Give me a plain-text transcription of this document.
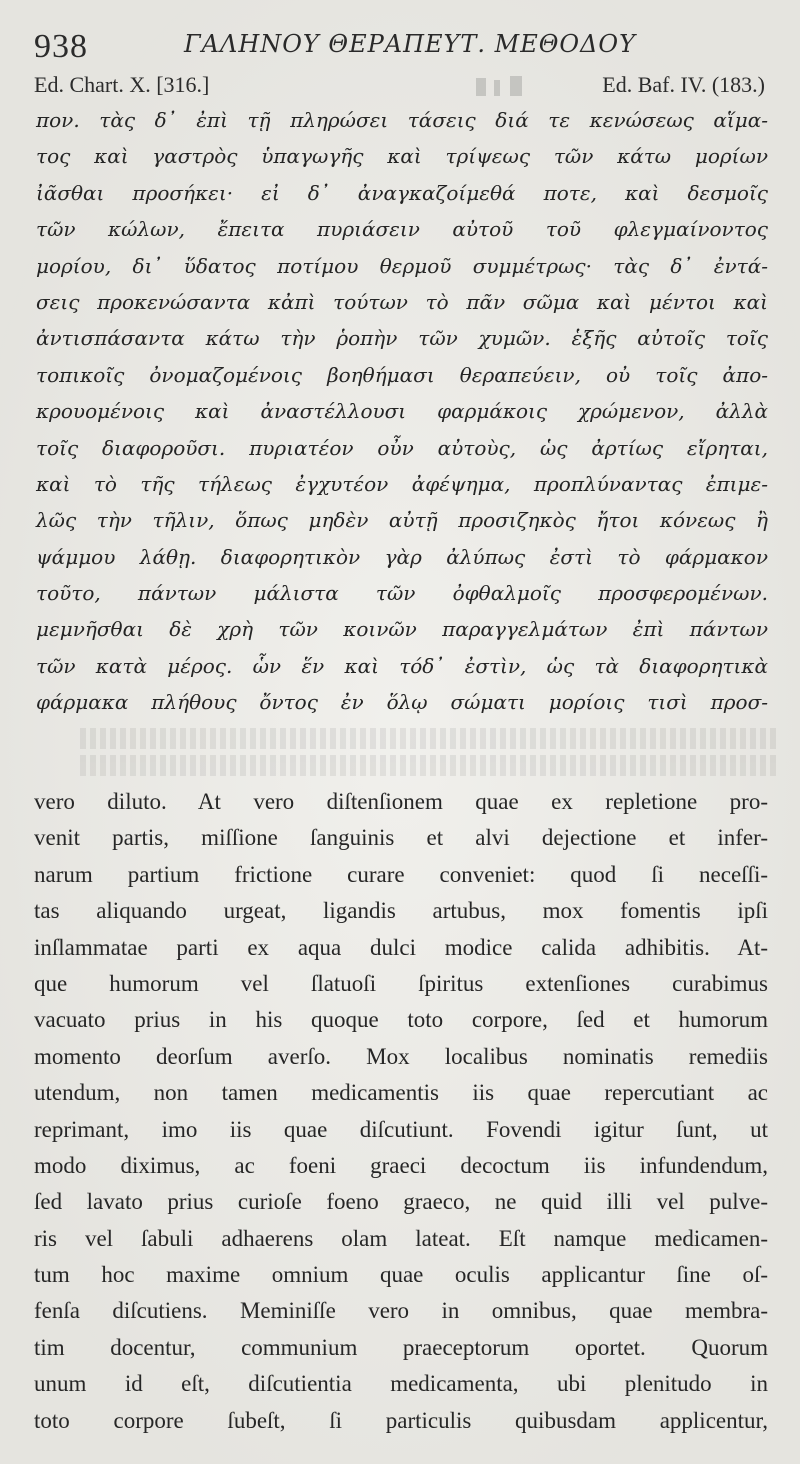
938	ΓΑΛΗΝΟΥ ΘΕΡΑΠΕΥΤ. ΜΕΘΟΔΟΥ
Ed. Chart. X. [316.]	Ed. Baf. IV. (183.)
πον. τὰς δ᾽ ἐπὶ τῇ πληρώσει τάσεις διά τε κενώσεως αἵμα-
τος καὶ γαστρὸς ὑπαγωγῆς καὶ τρίψεως τῶν κάτω μορίων
ἰᾶσθαι προσήκει· εἰ δ᾽ ἀναγκαζοίμεθά ποτε, καὶ δεσμοῖς
τῶν κώλων, ἔπειτα πυριάσειν αὐτοῦ τοῦ φλεγμαίνοντος
μορίου, δι᾽ ὕδατος ποτίμου θερμοῦ συμμέτρως· τὰς δ᾽ ἐντά-
σεις προκενώσαντα κἀπὶ τούτων τὸ πᾶν σῶμα καὶ μέντοι καὶ
ἀντισπάσαντα κάτω τὴν ῥοπὴν τῶν χυμῶν. ἑξῆς αὐτοῖς τοῖς
τοπικοῖς ὀνομαζομένοις βοηθήμασι θεραπεύειν, οὐ τοῖς ἀπο-
κρουομένοις καὶ ἀναστέλλουσι φαρμάκοις χρώμενον, ἀλλὰ
τοῖς διαφοροῦσι. πυριατέον οὖν αὐτοὺς, ὡς ἀρτίως εἴρηται,
καὶ τὸ τῆς τήλεως ἐγχυτέον ἀφέψημα, προπλύναντας ἐπιμε-
λῶς τὴν τῆλιν, ὅπως μηδὲν αὐτῇ προσιζηκὸς ἤτοι κόνεως ἢ
ψάμμου λάθῃ. διαφορητικὸν γὰρ ἀλύπως ἐστὶ τὸ φάρμακον
τοῦτο, πάντων μάλιστα τῶν ὀφθαλμοῖς προσφερομένων.
μεμνῆσθαι δὲ χρὴ τῶν κοινῶν παραγγελμάτων ἐπὶ πάντων
τῶν κατὰ μέρος. ὧν ἕν καὶ τόδ᾽ ἐστὶν, ὡς τὰ διαφορητικὰ
φάρμακα πλήθους ὄντος ἐν ὅλῳ σώματι μορίοις τισὶ προσ-
vero diluto. At vero diſtenſionem quae ex repletione pro-
venit partis, miſſione ſanguinis et alvi dejectione et infer-
narum partium frictione curare conveniet: quod ſi neceſſi-
tas aliquando urgeat, ligandis artubus, mox fomentis ipſi
inſlammatae parti ex aqua dulci modice calida adhibitis. At-
que humorum vel ſlatuoſi ſpiritus extenſiones curabimus
vacuato prius in his quoque toto corpore, ſed et humorum
momento deorſum averſo. Mox localibus nominatis remediis
utendum, non tamen medicamentis iis quae repercutiant ac
reprimant, imo iis quae diſcutiunt. Fovendi igitur ſunt, ut
modo diximus, ac foeni graeci decoctum iis infundendum,
ſed lavato prius curioſe foeno graeco, ne quid illi vel pulve-
ris vel ſabuli adhaerens olam lateat. Eſt namque medicamen-
tum hoc maxime omnium quae oculis applicantur ſine oſ-
fenſa diſcutiens. Meminiſſe vero in omnibus, quae membra-
tim docentur, communium praeceptorum oportet. Quorum
unum id eſt, diſcutientia medicamenta, ubi plenitudo in
toto corpore ſubeſt, ſi particulis quibusdam applicentur,
